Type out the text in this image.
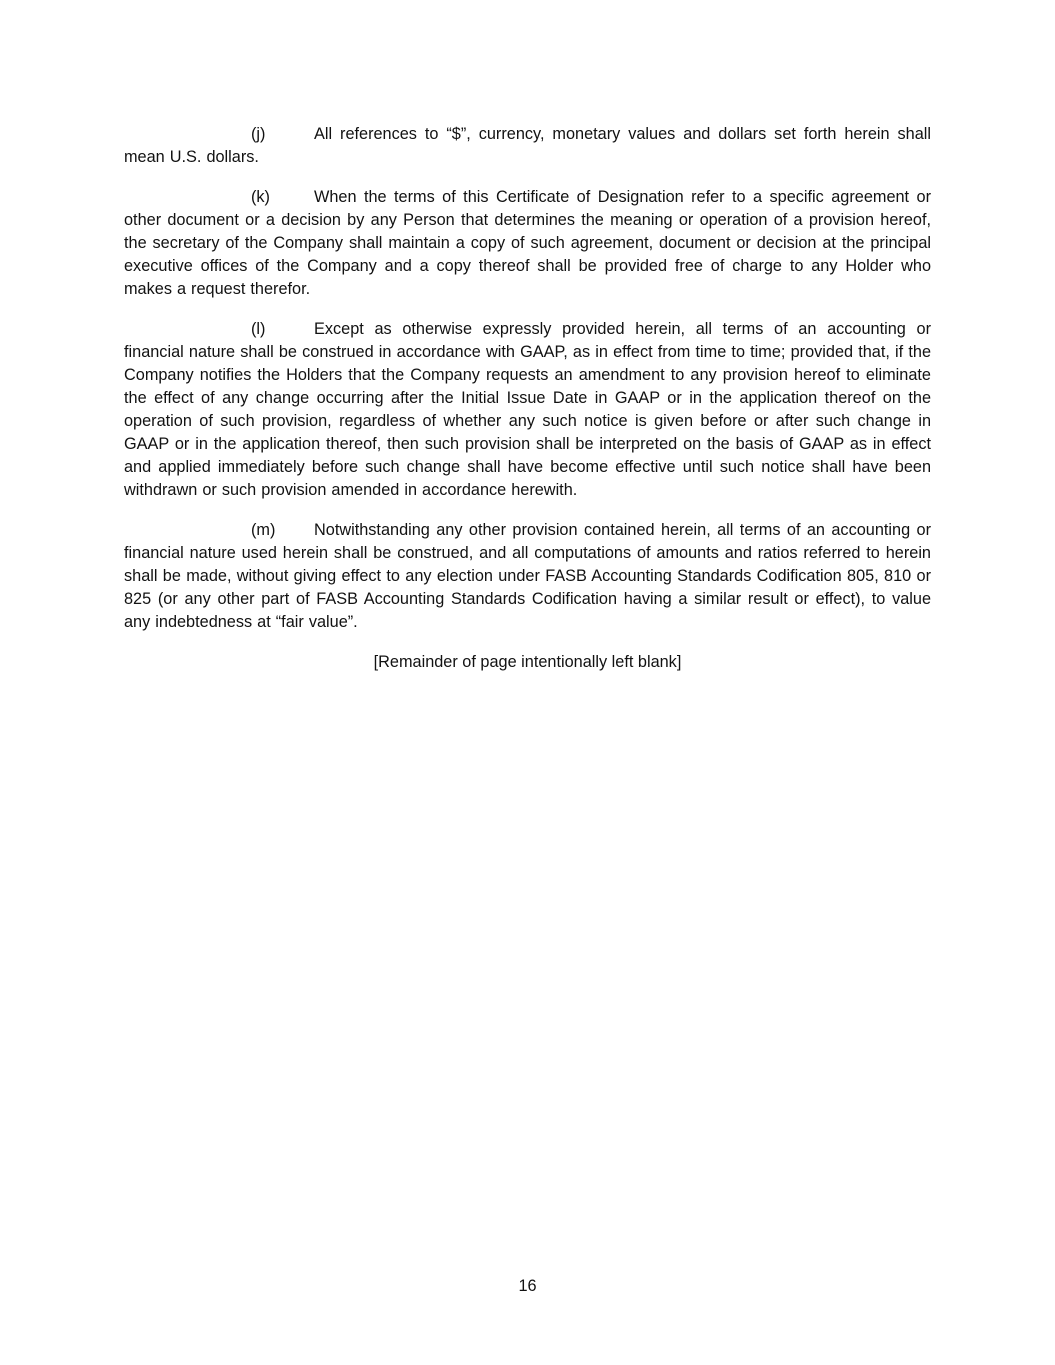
(j)	All references to “$”, currency, monetary values and dollars set forth herein shall mean U.S. dollars.

(k)	When the terms of this Certificate of Designation refer to a specific agreement or other document or a decision by any Person that determines the meaning or operation of a provision hereof, the secretary of the Company shall maintain a copy of such agreement, document or decision at the principal executive offices of the Company and a copy thereof shall be provided free of charge to any Holder who makes a request therefor.

(l)	Except as otherwise expressly provided herein, all terms of an accounting or financial nature shall be construed in accordance with GAAP, as in effect from time to time; provided that, if the Company notifies the Holders that the Company requests an amendment to any provision hereof to eliminate the effect of any change occurring after the Initial Issue Date in GAAP or in the application thereof on the operation of such provision, regardless of whether any such notice is given before or after such change in GAAP or in the application thereof, then such provision shall be interpreted on the basis of GAAP as in effect and applied immediately before such change shall have become effective until such notice shall have been withdrawn or such provision amended in accordance herewith.

(m) Notwithstanding any other provision contained herein, all terms of an accounting or financial nature used herein shall be construed, and all computations of amounts and ratios referred to herein shall be made, without giving effect to any election under FASB Accounting Standards Codification 805, 810 or 825 (or any other part of FASB Accounting Standards Codification having a similar result or effect), to value any indebtedness at “fair value”.

[Remainder of page intentionally left blank]

16
